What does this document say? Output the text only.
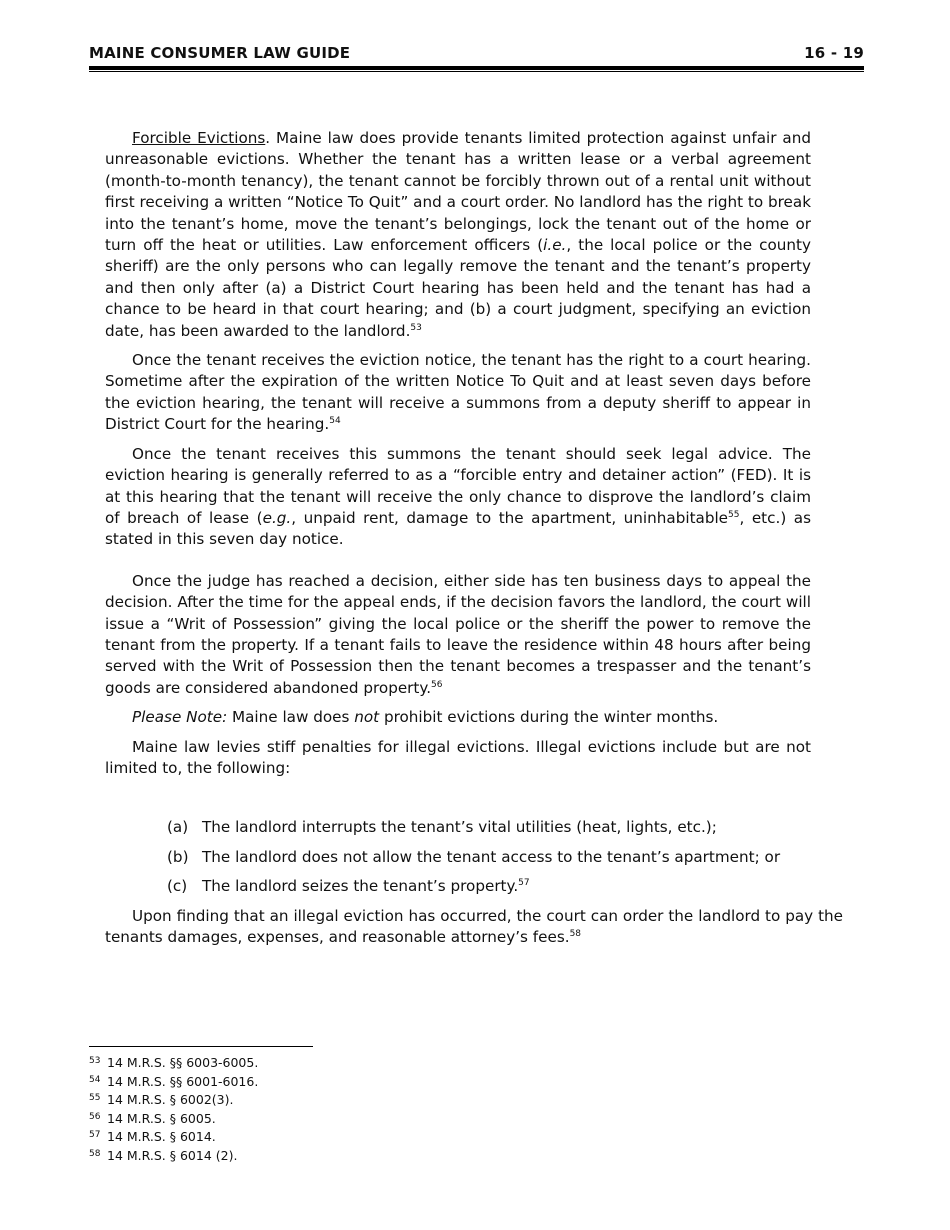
MAINE CONSUMER LAW GUIDE	16 - 19

Forcible Evictions. Maine law does provide tenants limited protection against unfair and unreasonable evictions. Whether the tenant has a written lease or a verbal agreement (month-to-month tenancy), the tenant cannot be forcibly thrown out of a rental unit without first receiving a written “Notice To Quit” and a court order. No landlord has the right to break into the tenant’s home, move the tenant’s belongings, lock the tenant out of the home or turn off the heat or utilities. Law enforcement officers (i.e., the local police or the county sheriff) are the only persons who can legally remove the tenant and the tenant’s property and then only after (a) a District Court hearing has been held and the tenant has had a chance to be heard in that court hearing; and (b) a court judgment, specifying an eviction date, has been awarded to the landlord.$^{53}$

Once the tenant receives the eviction notice, the tenant has the right to a court hearing. Sometime after the expiration of the written Notice To Quit and at least seven days before the eviction hearing, the tenant will receive a summons from a deputy sheriff to appear in District Court for the hearing.$^{54}$

Once the tenant receives this summons the tenant should seek legal advice. The eviction hearing is generally referred to as a “forcible entry and detainer action” (FED). It is at this hearing that the tenant will receive the only chance to disprove the landlord’s claim of breach of lease (e.g., unpaid rent, damage to the apartment, uninhabitable$^{55}$, etc.) as stated in this seven day notice.

Once the judge has reached a decision, either side has ten business days to appeal the decision. After the time for the appeal ends, if the decision favors the landlord, the court will issue a “Writ of Possession” giving the local police or the sheriff the power to remove the tenant from the property. If a tenant fails to leave the residence within 48 hours after being served with the Writ of Possession then the tenant becomes a trespasser and the tenant’s goods are considered abandoned property.$^{56}$

Please Note: Maine law does not prohibit evictions during the winter months.

Maine law levies stiff penalties for illegal evictions. Illegal evictions include but are not limited to, the following:

(a) The landlord interrupts the tenant’s vital utilities (heat, lights, etc.);
(b) The landlord does not allow the tenant access to the tenant’s apartment; or
(c) The landlord seizes the tenant’s property.$^{57}$

Upon finding that an illegal eviction has occurred, the court can order the landlord to pay the tenants damages, expenses, and reasonable attorney’s fees.$^{58}$

53 14 M.R.S. §§ 6003-6005.
54 14 M.R.S. §§ 6001-6016.
55 14 M.R.S. § 6002(3).
56 14 M.R.S. § 6005.
57 14 M.R.S. § 6014.
58 14 M.R.S. § 6014 (2).
